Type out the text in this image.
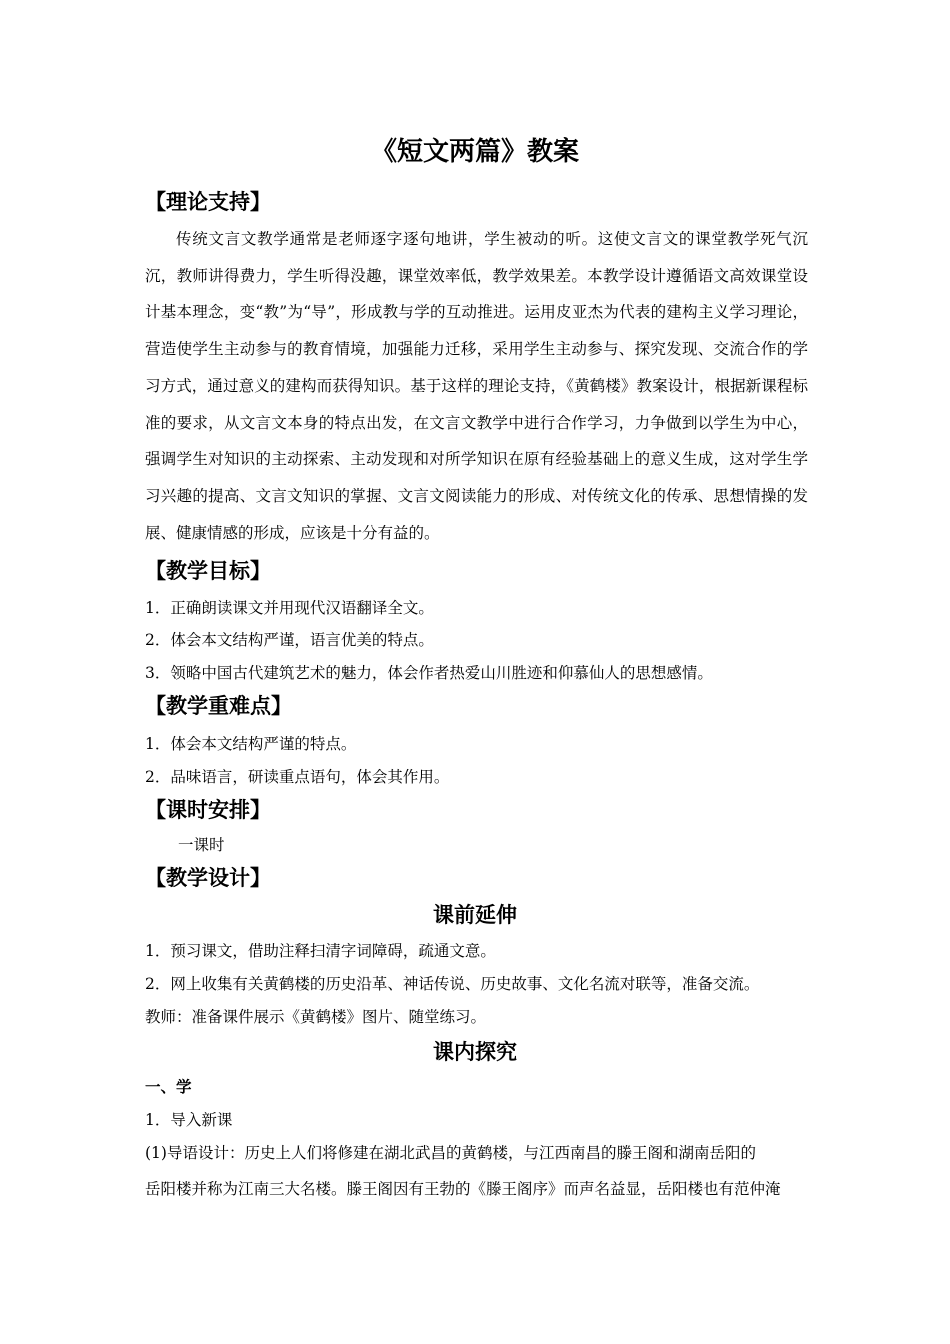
《短文两篇》教案
【理论支持】

传统文言文教学通常是老师逐字逐句地讲，学生被动的听。这使文言文的课堂教学死气沉沉，教师讲得费力，学生听得没趣，课堂效率低，教学效果差。本教学设计遵循语文高效课堂设计基本理念，变“教”为“导”，形成教与学的互动推进。运用皮亚杰为代表的建构主义学习理论，营造使学生主动参与的教育情境，加强能力迁移，采用学生主动参与、探究发现、交流合作的学习方式，通过意义的建构而获得知识。基于这样的理论支持，《黄鹤楼》教案设计，根据新课程标准的要求，从文言文本身的特点出发，在文言文教学中进行合作学习，力争做到以学生为中心，强调学生对知识的主动探索、主动发现和对所学知识在原有经验基础上的意义生成，这对学生学习兴趣的提高、文言文知识的掌握、文言文阅读能力的形成、对传统文化的传承、思想情操的发展、健康情感的形成，应该是十分有益的。

【教学目标】
1．正确朗读课文并用现代汉语翻译全文。
2．体会本文结构严谨，语言优美的特点。
3．领略中国古代建筑艺术的魅力，体会作者热爱山川胜迹和仰慕仙人的思想感情。
【教学重难点】
1．体会本文结构严谨的特点。
2．品味语言，研读重点语句，体会其作用。
【课时安排】
一课时
【教学设计】
课前延伸
1．预习课文，借助注释扫清字词障碍，疏通文意。
2．网上收集有关黄鹤楼的历史沿革、神话传说、历史故事、文化名流对联等，准备交流。
教师：准备课件展示《黄鹤楼》图片、随堂练习。
课内探究
一、学
1．导入新课
(1)导语设计：历史上人们将修建在湖北武昌的黄鹤楼，与江西南昌的滕王阁和湖南岳阳的
岳阳楼并称为江南三大名楼。滕王阁因有王勃的《滕王阁序》而声名益显，岳阳楼也有范仲淹
